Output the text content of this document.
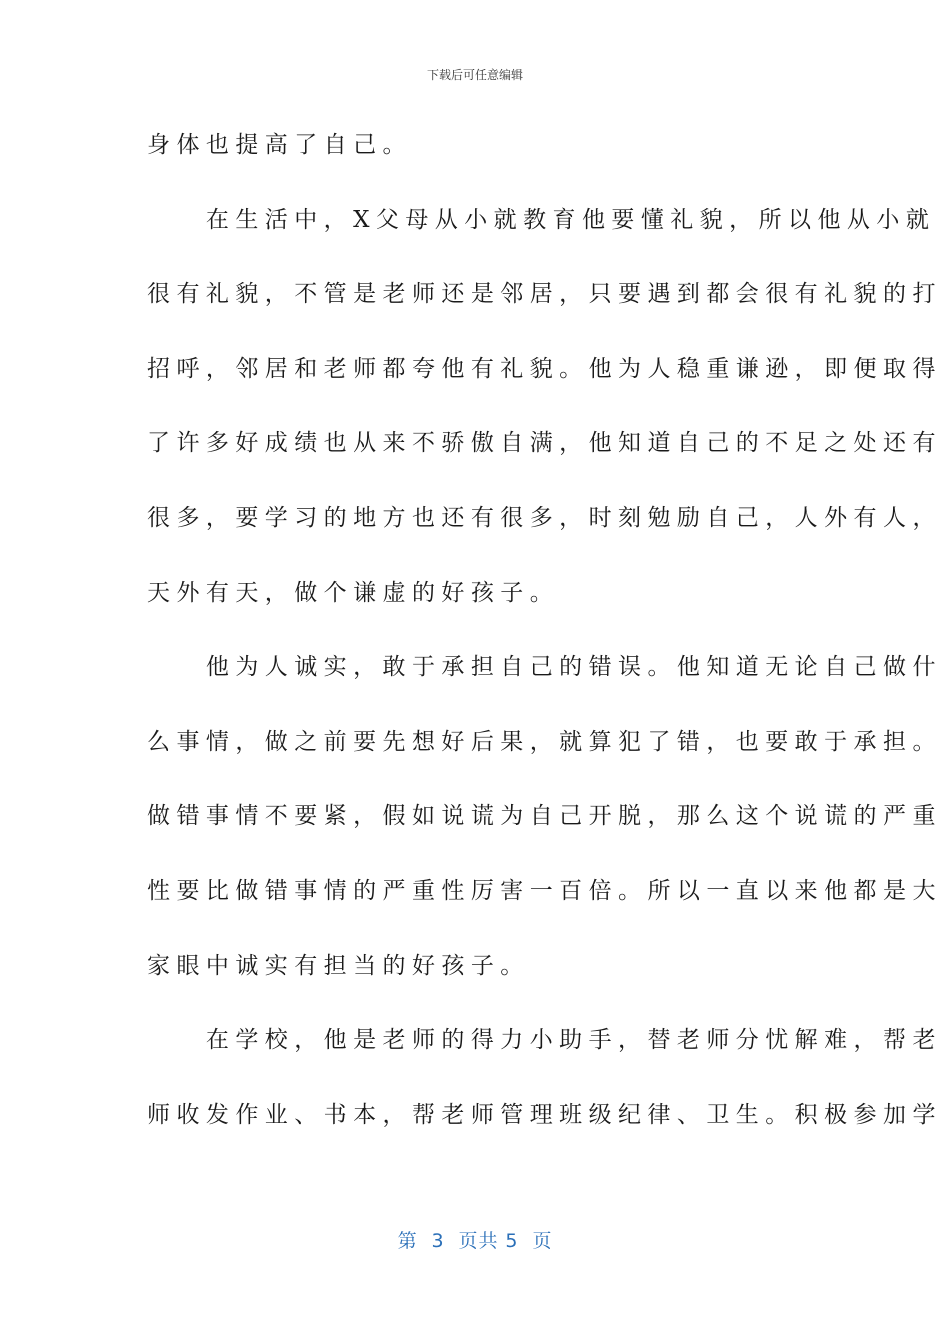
下载后可任意编辑
身体也提高了自己。
　　在生活中，X父母从小就教育他要懂礼貌，所以他从小就
很有礼貌，不管是老师还是邻居，只要遇到都会很有礼貌的打
招呼，邻居和老师都夸他有礼貌。他为人稳重谦逊，即便取得
了许多好成绩也从来不骄傲自满，他知道自己的不足之处还有
很多，要学习的地方也还有很多，时刻勉励自己，人外有人，
天外有天，做个谦虚的好孩子。
　　他为人诚实，敢于承担自己的错误。他知道无论自己做什
么事情，做之前要先想好后果，就算犯了错，也要敢于承担。
做错事情不要紧，假如说谎为自己开脱，那么这个说谎的严重
性要比做错事情的严重性厉害一百倍。所以一直以来他都是大
家眼中诚实有担当的好孩子。
　　在学校，他是老师的得力小助手，替老师分忧解难，帮老
师收发作业、书本，帮老师管理班级纪律、卫生。积极参加学
第  3  页共 5  页
